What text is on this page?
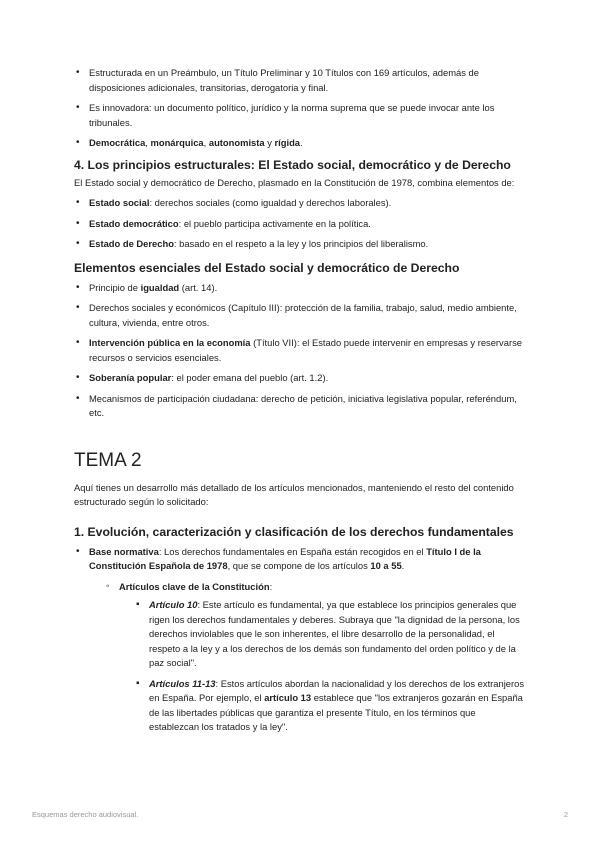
• Estructurada en un Preámbulo, un Título Preliminar y 10 Títulos con 169 artículos, además de disposiciones adicionales, transitorias, derogatoria y final.
• Es innovadora: un documento político, jurídico y la norma suprema que se puede invocar ante los tribunales.
• Democrática, monárquica, autonomista y rígida.
4. Los principios estructurales: El Estado social, democrático y de Derecho

El Estado social y democrático de Derecho, plasmado en la Constitución de 1978, combina elementos de:

• Estado social: derechos sociales (como igualdad y derechos laborales).
• Estado democrático: el pueblo participa activamente en la política.
• Estado de Derecho: basado en el respeto a la ley y los principios del liberalismo.
Elementos esenciales del Estado social y democrático de Derecho
• Principio de igualdad (art. 14).
• Derechos sociales y económicos (Capítulo III): protección de la familia, trabajo, salud, medio ambiente, cultura, vivienda, entre otros.
• Intervención pública en la economía (Título VII): el Estado puede intervenir en empresas y reservarse recursos o servicios esenciales.
• Soberanía popular: el poder emana del pueblo (art. 1.2).
• Mecanismos de participación ciudadana: derecho de petición, iniciativa legislativa popular, referéndum, etc.
TEMA 2

Aquí tienes un desarrollo más detallado de los artículos mencionados, manteniendo el resto del contenido estructurado según lo solicitado:

1. Evolución, caracterización y clasificación de los derechos fundamentales
• Base normativa: Los derechos fundamentales en España están recogidos en el Título I de la Constitución Española de 1978, que se compone de los artículos 10 a 55.
◦ Artículos clave de la Constitución:
▪ Artículo 10: Este artículo es fundamental, ya que establece los principios generales que rigen los derechos fundamentales y deberes. Subraya que "la dignidad de la persona, los derechos inviolables que le son inherentes, el libre desarrollo de la personalidad, el respeto a la ley y a los derechos de los demás son fundamento del orden político y de la paz social".
▪ Artículos 11-13: Estos artículos abordan la nacionalidad y los derechos de los extranjeros en España. Por ejemplo, el artículo 13 establece que "los extranjeros gozarán en España de las libertades públicas que garantiza el presente Título, en los términos que establezcan los tratados y la ley".
Esquemas derecho audiovisual.	2
